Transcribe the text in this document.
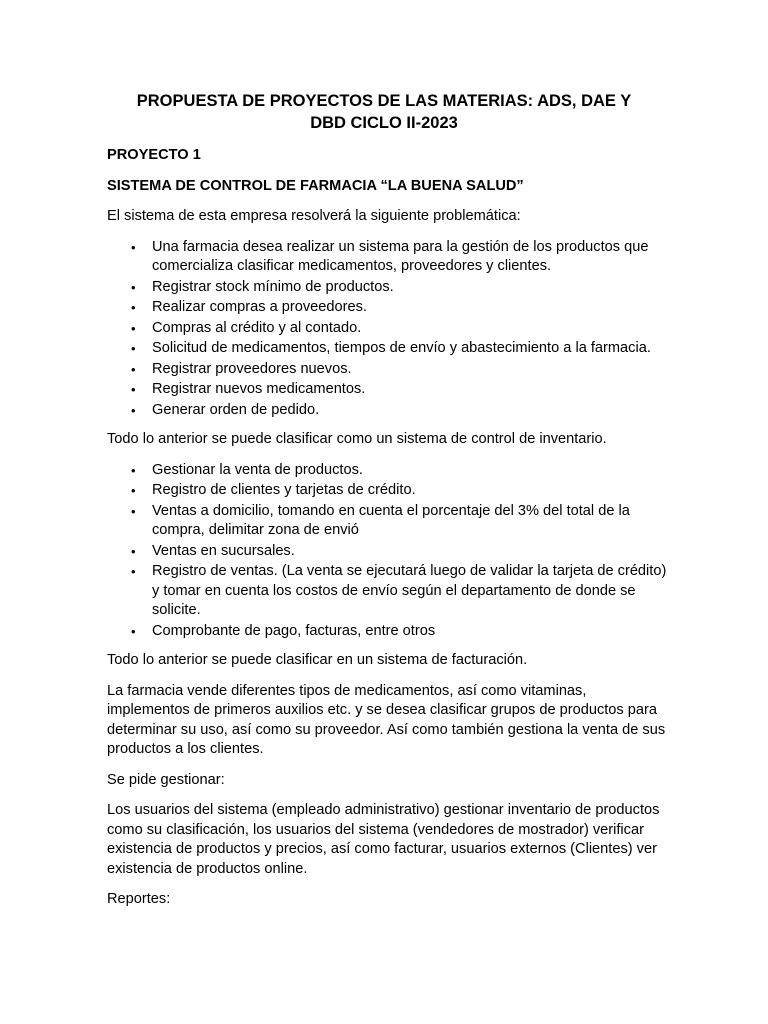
PROPUESTA DE PROYECTOS DE LAS MATERIAS: ADS, DAE Y
DBD CICLO II-2023
PROYECTO 1
SISTEMA DE CONTROL DE FARMACIA “LA BUENA SALUD”
El sistema de esta empresa resolverá la siguiente problemática:
• Una farmacia desea realizar un sistema para la gestión de los productos que comercializa clasificar medicamentos, proveedores y clientes.
• Registrar stock mínimo de productos.
• Realizar compras a proveedores.
• Compras al crédito y al contado.
• Solicitud de medicamentos, tiempos de envío y abastecimiento a la farmacia.
• Registrar proveedores nuevos.
• Registrar nuevos medicamentos.
• Generar orden de pedido.
Todo lo anterior se puede clasificar como un sistema de control de inventario.
• Gestionar la venta de productos.
• Registro de clientes y tarjetas de crédito.
• Ventas a domicilio, tomando en cuenta el porcentaje del 3% del total de la compra, delimitar zona de envió
• Ventas en sucursales.
• Registro de ventas. (La venta se ejecutará luego de validar la tarjeta de crédito) y tomar en cuenta los costos de envío según el departamento de donde se solicite.
• Comprobante de pago, facturas, entre otros
Todo lo anterior se puede clasificar en un sistema de facturación.
La farmacia vende diferentes tipos de medicamentos, así como vitaminas, implementos de primeros auxilios etc. y se desea clasificar grupos de productos para determinar su uso, así como su proveedor. Así como también gestiona la venta de sus productos a los clientes.
Se pide gestionar:
Los usuarios del sistema (empleado administrativo) gestionar inventario de productos como su clasificación, los usuarios del sistema (vendedores de mostrador) verificar existencia de productos y precios, así como facturar, usuarios externos (Clientes) ver existencia de productos online.
Reportes:
